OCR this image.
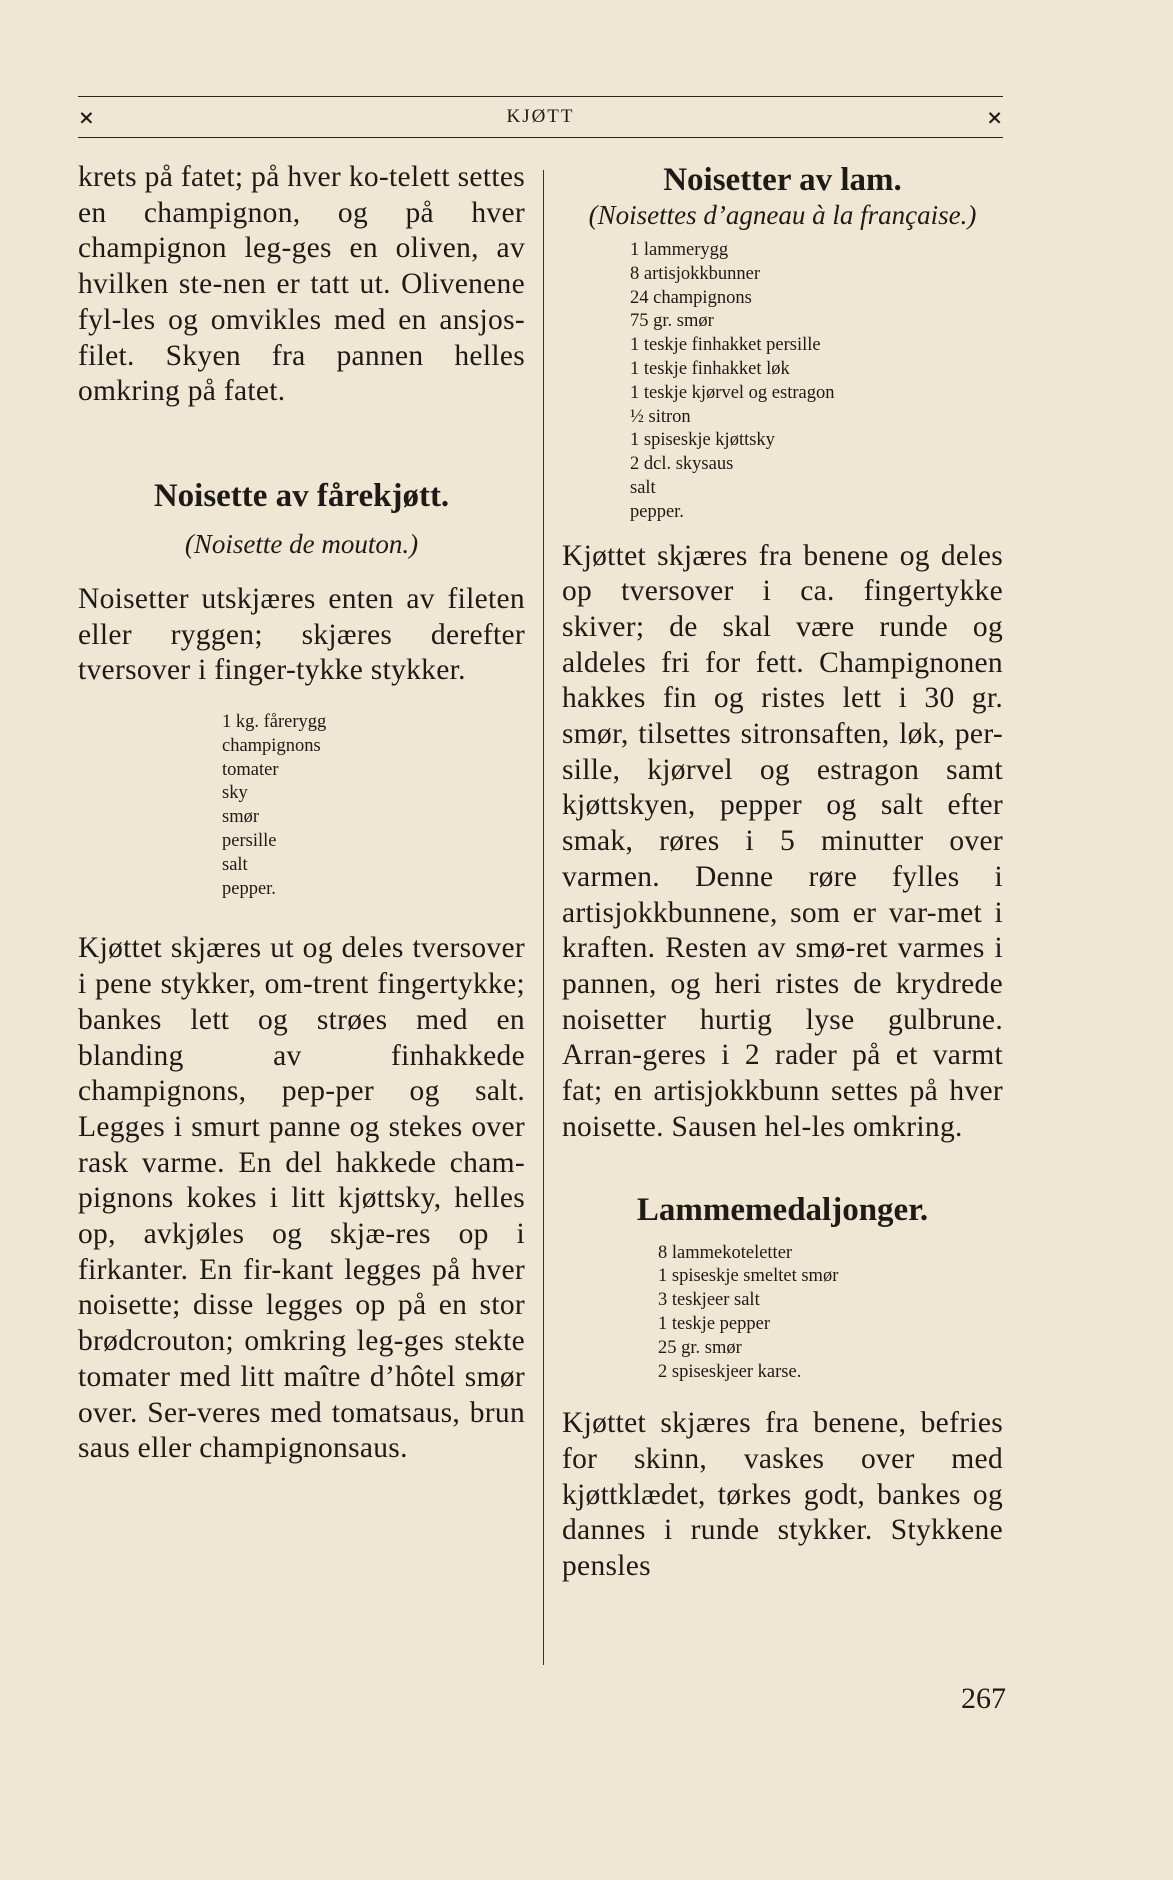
×	KJØTT	×

krets på fatet; på hver ko-telett settes en champignon, og på hver champignon leg-ges en oliven, av hvilken ste-nen er tatt ut. Olivenene fyl-les og omvikles med en ansjos-filet. Skyen fra pannen helles omkring på fatet.

Noisette av fårekjøtt.

(Noisette de mouton.)

Noisetter utskjæres enten av fileten eller ryggen; skjæres derefter tversover i finger-tykke stykker.

1 kg. fårerygg
champignons
tomater
sky
smør
persille
salt
pepper.

Kjøttet skjæres ut og deles tversover i pene stykker, om-trent fingertykke; bankes lett og strøes med en blanding av finhakkede champignons, pep-per og salt. Legges i smurt panne og stekes over rask varme. En del hakkede cham-pignons kokes i litt kjøttsky, helles op, avkjøles og skjæ-res op i firkanter. En fir-kant legges på hver noisette; disse legges op på en stor brødcrouton; omkring leg-ges stekte tomater med litt maître d’hôtel smør over. Ser-veres med tomatsaus, brun saus eller champignonsaus.

Noisetter av lam.

(Noisettes d’agneau à la française.)

1 lammerygg
8 artisjokkbunner
24 champignons
75 gr. smør
1 teskje finhakket persille
1 teskje finhakket løk
1 teskje kjørvel og estragon
½ sitron
1 spiseskje kjøttsky
2 dcl. skysaus
salt
pepper.

Kjøttet skjæres fra benene og deles op tversover i ca. fingertykke skiver; de skal være runde og aldeles fri for fett. Champignonen hakkes fin og ristes lett i 30 gr. smør, tilsettes sitronsaften, løk, per-sille, kjørvel og estragon samt kjøttskyen, pepper og salt efter smak, røres i 5 minutter over varmen. Denne røre fylles i artisjokkbunnene, som er var-met i kraften. Resten av smø-ret varmes i pannen, og heri ristes de krydrede noisetter hurtig lyse gulbrune. Arran-geres i 2 rader på et varmt fat; en artisjokkbunn settes på hver noisette. Sausen hel-les omkring.

Lammemedaljonger.
8 lammekoteletter
1 spiseskje smeltet smør
3 teskjeer salt
1 teskje pepper
25 gr. smør
2 spiseskjeer karse.

Kjøttet skjæres fra benene, befries for skinn, vaskes over med kjøttklædet, tørkes godt, bankes og dannes i runde stykker. Stykkene pensles

267
